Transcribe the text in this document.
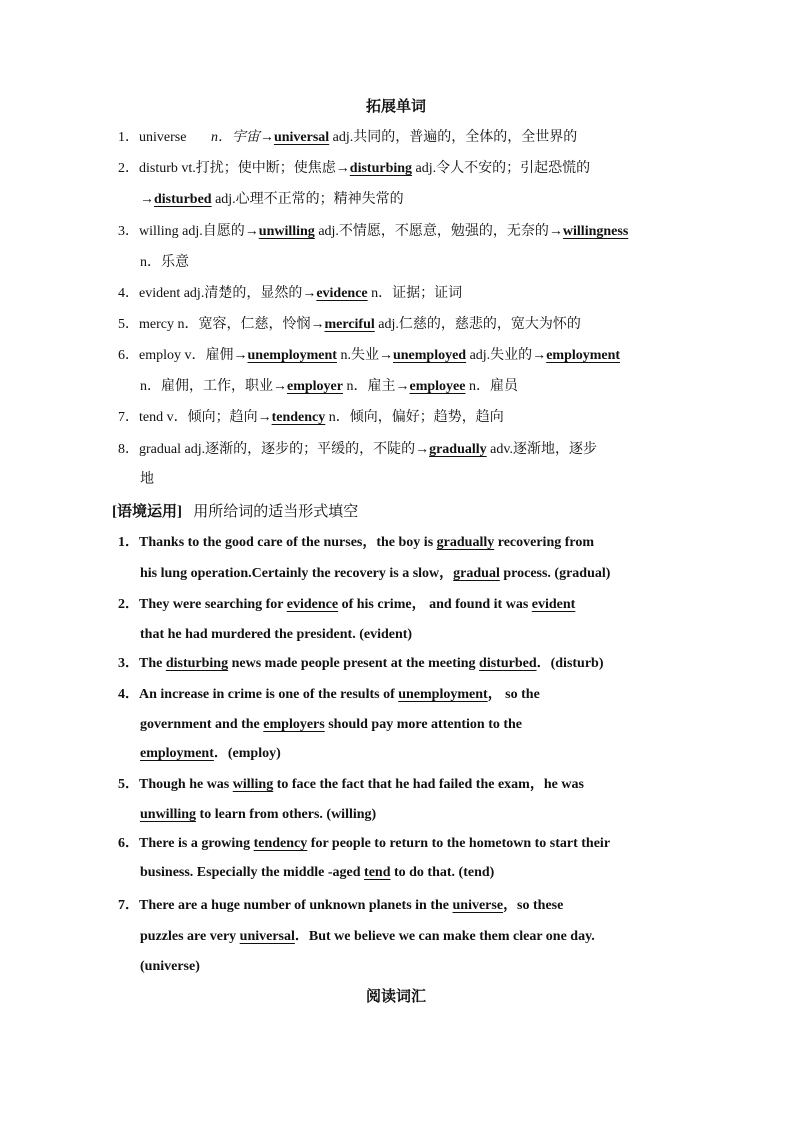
拓展单词
1．universe n．宇宙→universal adj.共同的，普遍的，全体的，全世界的
2．disturb vt.打扰；使中断；使焦虑→disturbing adj.令人不安的；引起恐慌的
→disturbed adj.心理不正常的；精神失常的
3．willing adj.自愿的→unwilling adj.不情愿，不愿意，勉强的，无奈的→willingness
n．乐意
4．evident adj.清楚的，显然的→evidence n．证据；证词
5．mercy n．宽容，仁慈，怜悯→merciful adj.仁慈的，慈悲的，宽大为怀的
6．employ v．雇佣→unemployment n.失业→unemployed adj.失业的→employment
n．雇佣，工作，职业→employer n．雇主→employee n．雇员
7．tend v．倾向；趋向→tendency n．倾向，偏好；趋势，趋向
8．gradual adj.逐渐的，逐步的；平缓的，不陡的→gradually adv.逐渐地，逐步
地
[语境运用] 用所给词的适当形式填空
1．Thanks to the good care of the nurses，the boy is gradually recovering from
his lung operation.Certainly the recovery is a slow，gradual process. (gradual)
2．They were searching for evidence of his crime， and found it was evident
that he had murdered the president. (evident)
3．The disturbing news made people present at the meeting disturbed．(disturb)
4．An increase in crime is one of the results of unemployment， so the
government and the employers should pay more attention to the
employment．(employ)
5．Though he was willing to face the fact that he had failed the exam，he was
unwilling to learn from others. (willing)
6．There is a growing tendency for people to return to the hometown to start their
business. Especially the middle -aged tend to do that. (tend)
7．There are a huge number of unknown planets in the universe，so these
puzzles are very universal．But we believe we can make them clear one day.
(universe)
阅读词汇
